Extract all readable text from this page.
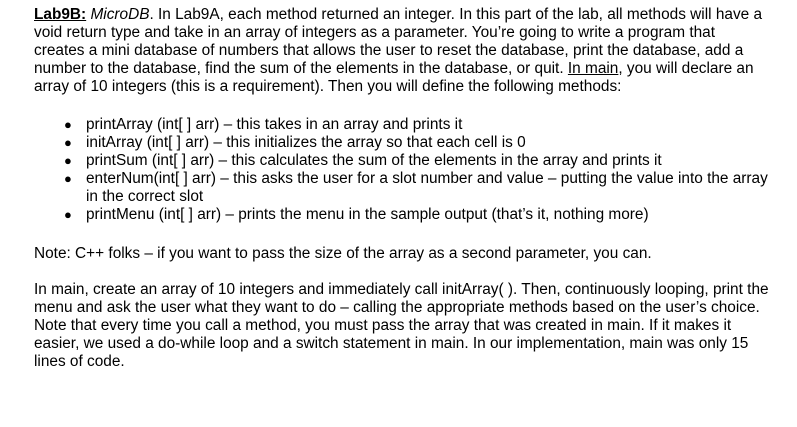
Lab9B: MicroDB. In Lab9A, each method returned an integer. In this part of the lab, all methods will have a void return type and take in an array of integers as a parameter. You’re going to write a program that creates a mini database of numbers that allows the user to reset the database, print the database, add a number to the database, find the sum of the elements in the database, or quit. In main, you will declare an array of 10 integers (this is a requirement). Then you will define the following methods:

● printArray (int[ ] arr) – this takes in an array and prints it
● initArray (int[ ] arr) – this initializes the array so that each cell is 0
● printSum (int[ ] arr) – this calculates the sum of the elements in the array and prints it
● enterNum(int[ ] arr) – this asks the user for a slot number and value – putting the value into the array in the correct slot
● printMenu (int[ ] arr) – prints the menu in the sample output (that’s it, nothing more)

Note: C++ folks – if you want to pass the size of the array as a second parameter, you can.

In main, create an array of 10 integers and immediately call initArray( ). Then, continuously looping, print the menu and ask the user what they want to do – calling the appropriate methods based on the user’s choice. Note that every time you call a method, you must pass the array that was created in main. If it makes it easier, we used a do-while loop and a switch statement in main. In our implementation, main was only 15 lines of code.
